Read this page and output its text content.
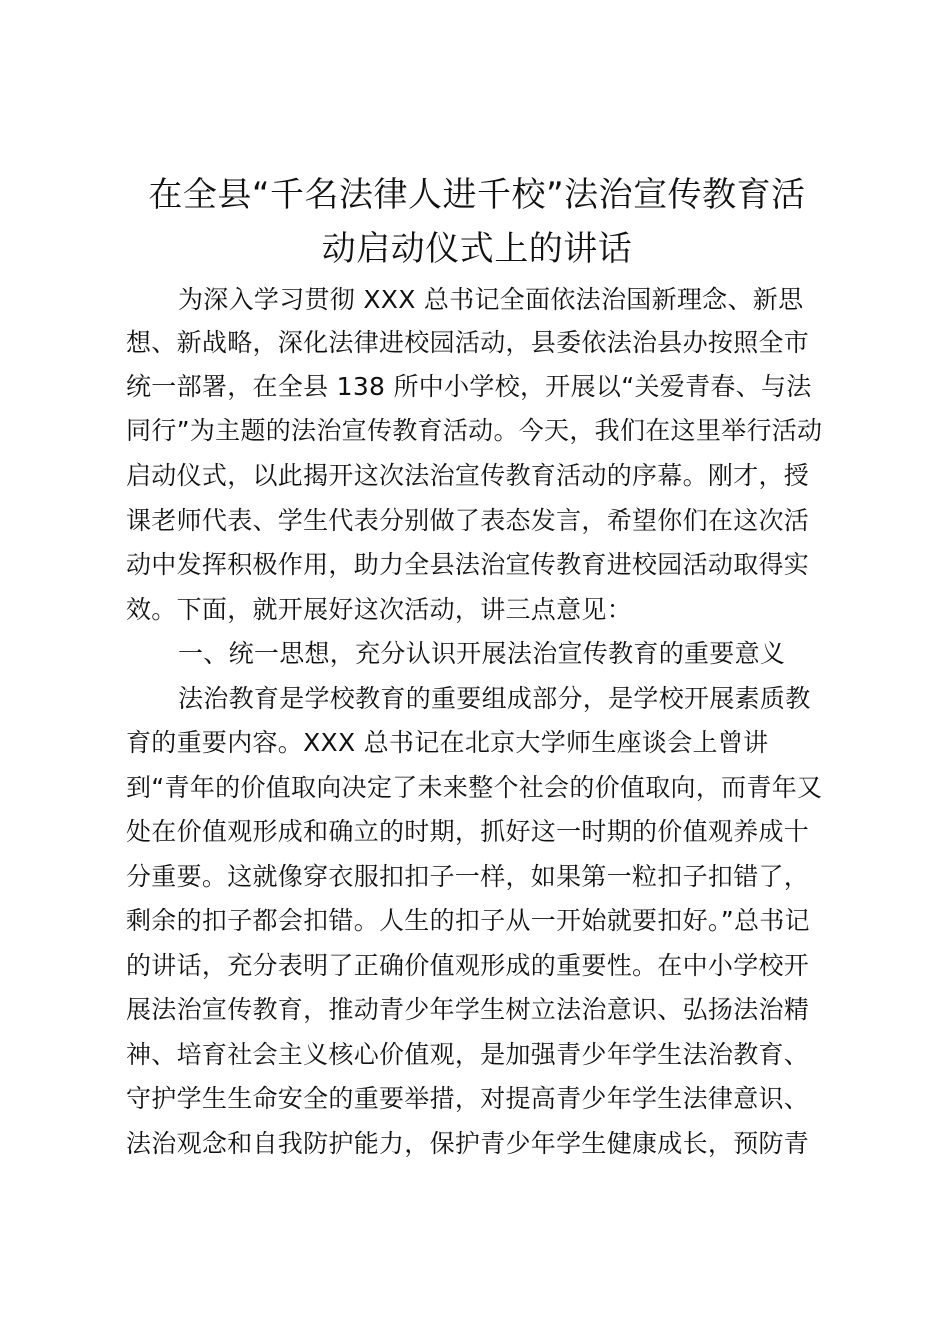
在全县“千名法律人进千校”法治宣传教育活
动启动仪式上的讲话
为深入学习贯彻 XXX 总书记全面依法治国新理念、新思
想、新战略，深化法律进校园活动，县委依法治县办按照全市
统一部署，在全县 138 所中小学校，开展以“关爱青春、与法
同行”为主题的法治宣传教育活动。今天，我们在这里举行活动
启动仪式，以此揭开这次法治宣传教育活动的序幕。刚才，授
课老师代表、学生代表分别做了表态发言，希望你们在这次活
动中发挥积极作用，助力全县法治宣传教育进校园活动取得实
效。下面，就开展好这次活动，讲三点意见：
一、统一思想，充分认识开展法治宣传教育的重要意义
法治教育是学校教育的重要组成部分，是学校开展素质教
育的重要内容。XXX 总书记在北京大学师生座谈会上曾讲
到“青年的价值取向决定了未来整个社会的价值取向，而青年又
处在价值观形成和确立的时期，抓好这一时期的价值观养成十
分重要。这就像穿衣服扣扣子一样，如果第一粒扣子扣错了，
剩余的扣子都会扣错。人生的扣子从一开始就要扣好。”总书记
的讲话，充分表明了正确价值观形成的重要性。在中小学校开
展法治宣传教育，推动青少年学生树立法治意识、弘扬法治精
神、培育社会主义核心价值观，是加强青少年学生法治教育、
守护学生生命安全的重要举措，对提高青少年学生法律意识、
法治观念和自我防护能力，保护青少年学生健康成长，预防青
